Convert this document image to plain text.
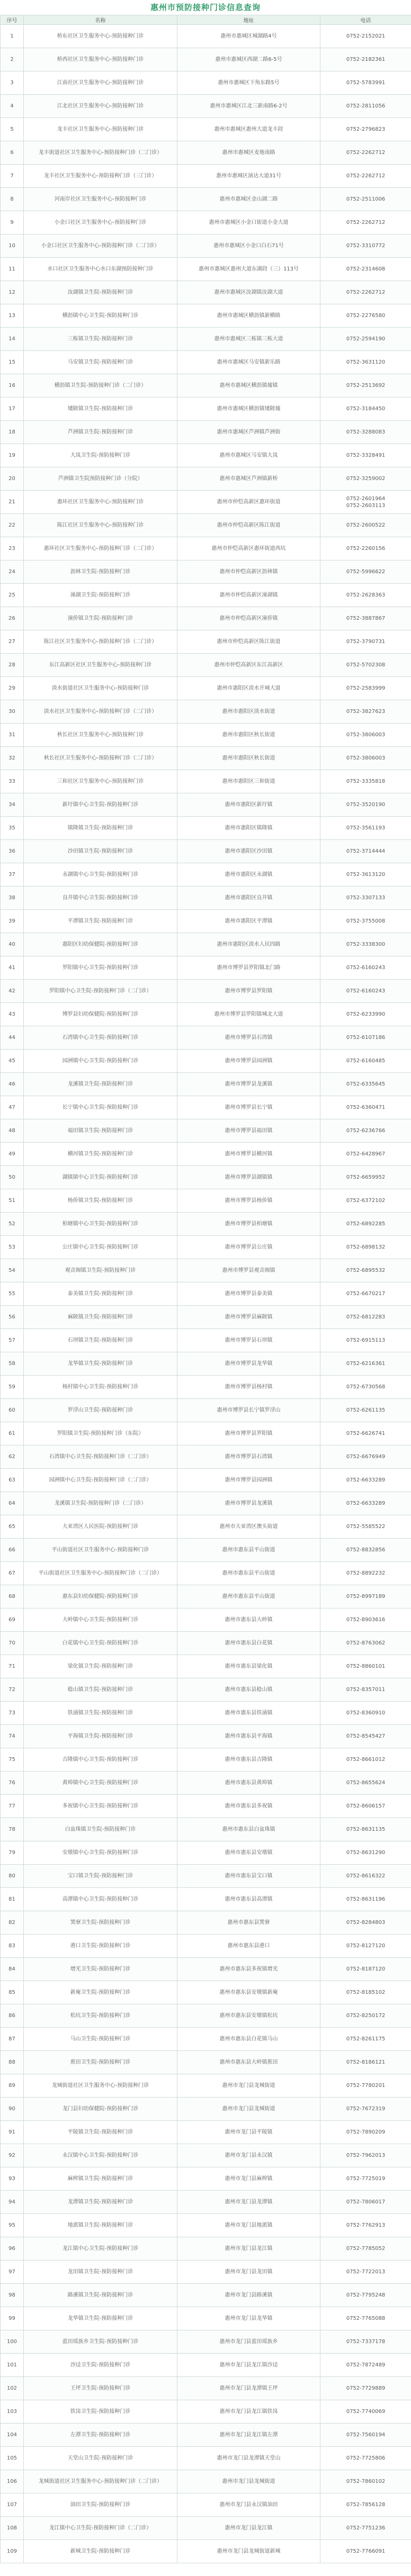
惠州市预防接种门诊信息查询
序号	名称	地址	电话
1	桥东社区卫生服务中心-预防接种门诊	惠州市惠城区城湖路4号	0752-2152021
2	桥西社区卫生服务中心-预防接种门诊	惠州市惠城区西湖二路6-5号	0752-2182361
3	江南社区卫生服务中心-预防接种门诊	惠州市惠城区下角东路5号	0752-5783991
4	江北社区卫生服务中心-预防接种门诊	惠州市惠城区江北三新南路6-2号	0752-2811056
5	龙丰社区卫生服务中心-预防接种门诊	惠州市惠城区惠州大道龙丰段	0752-2796823
6	龙丰街道社区卫生服务中心-预防接种门诊（二门诊）	惠州市惠城区麦地南路	0752-2262712
7	龙丰社区卫生服务中心-预防接种门诊（三门诊）	惠州市惠城区演达大道31号	0752-2262712
8	河南岸社区卫生服务中心-预防接种门诊	惠州市惠城区金山湖二路	0752-2511006
9	小金口社区卫生服务中心-预防接种门诊	惠州市惠城区小金口街道小金大道	0752-2262712
10	小金口社区卫生服务中心-预防接种门诊（二门诊）	惠州市惠城区小金口白石71号	0752-3310772
11	水口社区卫生服务中心水口东湖预防接种门诊	惠州市惠城区惠州大道东湖段（三）113号	0752-2314608
12	汝湖镇卫生院-预防接种门诊	惠州市惠城区汝湖镇汝湖大道	0752-2262712
13	横沥镇中心卫生院-预防接种门诊	惠州市惠城区横沥镇新横路	0752-2276580
14	三栋镇卫生院-预防接种门诊	惠州市惠城区三栋镇三栋大道	0752-2594190
15	马安镇卫生院-预防接种门诊	惠州市惠城区马安镇新乐路	0752-3631120
16	横沥镇卫生院-预防接种门诊（二门诊）	惠州市惠城区横沥镇墟镇	0752-2513692
17	矮陂镇卫生院-预防接种门诊	惠州市惠城区横沥镇矮陂墟	0752-3184450
18	芦洲镇卫生院-预防接种门诊	惠州市惠城区芦洲镇芦洲街	0752-3288083
19	大岚卫生院-预防接种门诊	惠州市惠城区马安镇大岚	0752-3328491
20	芦洲镇卫生院预防接种门诊（分院）	惠州市惠城区芦洲镇新桥	0752-3259002
21	惠环社区卫生服务中心-预防接种门诊	惠州市仲恺高新区惠环街道	0752-2601964
0752-2603113
22	陈江社区卫生服务中心-预防接种门诊	惠州市仲恺高新区陈江街道	0752-2600522
23	惠环社区卫生服务中心-预防接种门诊（二门诊）	惠州市仲恺高新区惠环街道西坑	0752-2260156
24	沥林卫生院-预防接种门诊	惠州市仲恺高新区沥林镇	0752-5996622
25	潼湖卫生院-预防接种门诊	惠州市仲恺高新区潼湖镇	0752-2628363
26	潼侨镇卫生院-预防接种门诊	惠州市仲恺高新区潼侨镇	0752-3887867
27	陈江社区卫生服务中心-预防接种门诊（二门诊）	惠州市仲恺高新区陈江街道	0752-3790731
28	东江高新区社区卫生服务中心-预防接种门诊	惠州市仲恺高新区东江高新区	0752-5702308
29	淡水街道社区卫生服务中心-预防接种门诊	惠州市惠阳区淡水开城大道	0752-2583999
30	淡水社区卫生服务中心-预防接种门诊（二门诊）	惠州市惠阳区淡水街道	0752-3827623
31	秋长社区卫生服务中心-预防接种门诊	惠州市惠阳区秋长街道	0752-3806003
32	秋长社区卫生服务中心-预防接种门诊（二门诊）	惠州市惠阳区秋长街道	0752-3806003
33	三和社区卫生服务中心-预防接种门诊	惠州市惠阳区三和街道	0752-3335818
34	新圩镇中心卫生院-预防接种门诊	惠州市惠阳区新圩镇	0752-3520190
35	镇隆镇卫生院-预防接种门诊	惠州市惠阳区镇隆镇	0752-3561193
36	沙田镇卫生院-预防接种门诊	惠州市惠阳区沙田镇	0752-3714444
37	永湖镇中心卫生院-预防接种门诊	惠州市惠阳区永湖镇	0752-3613120
38	良井镇中心卫生院-预防接种门诊	惠州市惠阳区良井镇	0752-3307133
39	平潭镇卫生院-预防接种门诊	惠州市惠阳区平潭镇	0752-3755008
40	惠阳区妇幼保健院-预防接种门诊	惠州市惠阳区淡水人民四路	0752-3338300
41	罗阳镇中心卫生院-预防接种门诊	惠州市博罗县罗阳镇北门路	0752-6160243
42	罗阳镇中心卫生院-预防接种门诊（二门诊）	惠州市博罗县罗阳镇	0752-6160243
43	博罗县妇幼保健院-预防接种门诊	惠州市博罗县罗阳镇城北大道	0752-6233990
44	石湾镇中心卫生院-预防接种门诊	惠州市博罗县石湾镇	0752-6107186
45	园洲镇中心卫生院-预防接种门诊	惠州市博罗县园洲镇	0752-6160485
46	龙溪镇卫生院-预防接种门诊	惠州市博罗县龙溪镇	0752-6335645
47	长宁镇中心卫生院-预防接种门诊	惠州市博罗县长宁镇	0752-6360471
48	福田镇卫生院-预防接种门诊	惠州市博罗县福田镇	0752-6236766
49	横河镇卫生院-预防接种门诊	惠州市博罗县横河镇	0752-6428967
50	湖镇镇中心卫生院-预防接种门诊	惠州市博罗县湖镇镇	0752-6659952
51	杨侨镇卫生院-预防接种门诊	惠州市博罗县杨侨镇	0752-6372102
52	柏塘镇中心卫生院-预防接种门诊	惠州市博罗县柏塘镇	0752-6892285
53	公庄镇中心卫生院-预防接种门诊	惠州市博罗县公庄镇	0752-6898132
54	观音阁镇卫生院-预防接种门诊	惠州市博罗县观音阁镇	0752-6895532
55	泰美镇卫生院-预防接种门诊	惠州市博罗县泰美镇	0752-6670217
56	麻陂镇卫生院-预防接种门诊	惠州市博罗县麻陂镇	0752-6812283
57	石坝镇卫生院-预防接种门诊	惠州市博罗县石坝镇	0752-6915113
58	龙华镇卫生院-预防接种门诊	惠州市博罗县龙华镇	0752-6216361
59	杨村镇中心卫生院-预防接种门诊	惠州市博罗县杨村镇	0752-6730568
60	罗浮山卫生院-预防接种门诊	惠州市博罗县长宁镇罗浮山	0752-6261135
61	罗阳镇卫生院-预防接种门诊（东院）	惠州市博罗县罗阳镇	0752-6626741
62	石湾镇中心卫生院-预防接种门诊（二门诊）	惠州市博罗县石湾镇	0752-6676949
63	园洲镇中心卫生院-预防接种门诊（二门诊）	惠州市博罗县园洲镇	0752-6633289
64	龙溪镇卫生院-预防接种门诊（二门诊）	惠州市博罗县龙溪镇	0752-6633289
65	大亚湾区人民医院-预防接种门诊	惠州市大亚湾区澳头街道	0752-5585522
66	平山街道社区卫生服务中心-预防接种门诊	惠州市惠东县平山街道	0752-8832856
67	平山街道社区卫生服务中心-预防接种门诊（二门诊）	惠州市惠东县平山街道	0752-8892232
68	惠东县妇幼保健院-预防接种门诊	惠州市惠东县平山街道	0752-8997189
69	大岭镇中心卫生院-预防接种门诊	惠州市惠东县大岭镇	0752-8903616
70	白花镇中心卫生院-预防接种门诊	惠州市惠东县白花镇	0752-8763062
71	梁化镇卫生院-预防接种门诊	惠州市惠东县梁化镇	0752-8860101
72	稔山镇卫生院-预防接种门诊	惠州市惠东县稔山镇	0752-8357011
73	铁涌镇卫生院-预防接种门诊	惠州市惠东县铁涌镇	0752-8360910
74	平海镇卫生院-预防接种门诊	惠州市惠东县平海镇	0752-8545427
75	吉隆镇中心卫生院-预防接种门诊	惠州市惠东县吉隆镇	0752-8661012
76	黄埠镇中心卫生院-预防接种门诊	惠州市惠东县黄埠镇	0752-8655624
77	多祝镇中心卫生院-预防接种门诊	惠州市惠东县多祝镇	0752-8606157
78	白盆珠镇卫生院-预防接种门诊	惠州市惠东县白盆珠镇	0752-8631135
79	安墩镇中心卫生院-预防接种门诊	惠州市惠东县安墩镇	0752-8631290
80	宝口镇卫生院-预防接种门诊	惠州市惠东县宝口镇	0752-8616322
81	高潭镇中心卫生院-预防接种门诊	惠州市惠东县高潭镇	0752-8631196
82	巽寮卫生院-预防接种门诊	惠州市惠东县巽寮	0752-8284803
83	港口卫生院-预防接种门诊	惠州市惠东县港口	0752-8127120
84	增光卫生院-预防接种门诊	惠州市惠东县多祝镇增光	0752-8187120
85	新庵卫生院-预防接种门诊	惠州市惠东县安墩镇新庵	0752-8185102
86	松坑卫生院-预防接种门诊	惠州市惠东县安墩镇松坑	0752-8250172
87	马山卫生院-预防接种门诊	惠州市惠东县白花镇马山	0752-8261175
88	蕉田卫生院-预防接种门诊	惠州市惠东县大岭镇蕉田	0752-8186121
89	龙城街道社区卫生服务中心-预防接种门诊	惠州市龙门县龙城街道	0752-7780201
90	龙门县妇幼保健院-预防接种门诊	惠州市龙门县龙城街道	0752-7672319
91	平陵镇卫生院-预防接种门诊	惠州市龙门县平陵镇	0752-7890209
92	永汉镇中心卫生院-预防接种门诊	惠州市龙门县永汉镇	0752-7962013
93	麻榨镇卫生院-预防接种门诊	惠州市龙门县麻榨镇	0752-7725019
94	龙潭镇卫生院-预防接种门诊	惠州市龙门县龙潭镇	0752-7806017
95	地派镇卫生院-预防接种门诊	惠州市龙门县地派镇	0752-7762913
96	龙江镇中心卫生院-预防接种门诊	惠州市龙门县龙江镇	0752-7785052
97	龙田镇卫生院-预防接种门诊	惠州市龙门县龙田镇	0752-7722013
98	路溪镇卫生院-预防接种门诊	惠州市龙门县路溪镇	0752-7795248
99	龙华镇卫生院-预防接种门诊	惠州市龙门县龙华镇	0752-7765088
100	蓝田瑶族乡卫生院-预防接种门诊	惠州市龙门县蓝田瑶族乡	0752-7337178
101	沙迳卫生院-预防接种门诊	惠州市龙门县龙江镇沙迳	0752-7872489
102	王坪卫生院-预防接种门诊	惠州市龙门县龙潭镇王坪	0752-7729889
103	铁岗卫生院-预防接种门诊	惠州市龙门县龙江镇铁岗	0752-7740069
104	左潭卫生院-预防接种门诊	惠州市龙门县龙江镇左潭	0752-7560194
105	天堂山卫生院-预防接种门诊	惠州市龙门县龙潭镇天堂山	0752-7725806
106	龙城街道社区卫生服务中心-预防接种门诊（二门诊）	惠州市龙门县龙城街道	0752-7860102
107	油田卫生院-预防接种门诊	惠州市龙门县永汉镇油田	0752-7856128
108	龙江镇中心卫生院-预防接种门诊（二门诊）	惠州市龙门县龙江镇	0752-7751236
109	新城卫生院-预防接种门诊	惠州市龙门县龙城街道新城	0752-7766091
